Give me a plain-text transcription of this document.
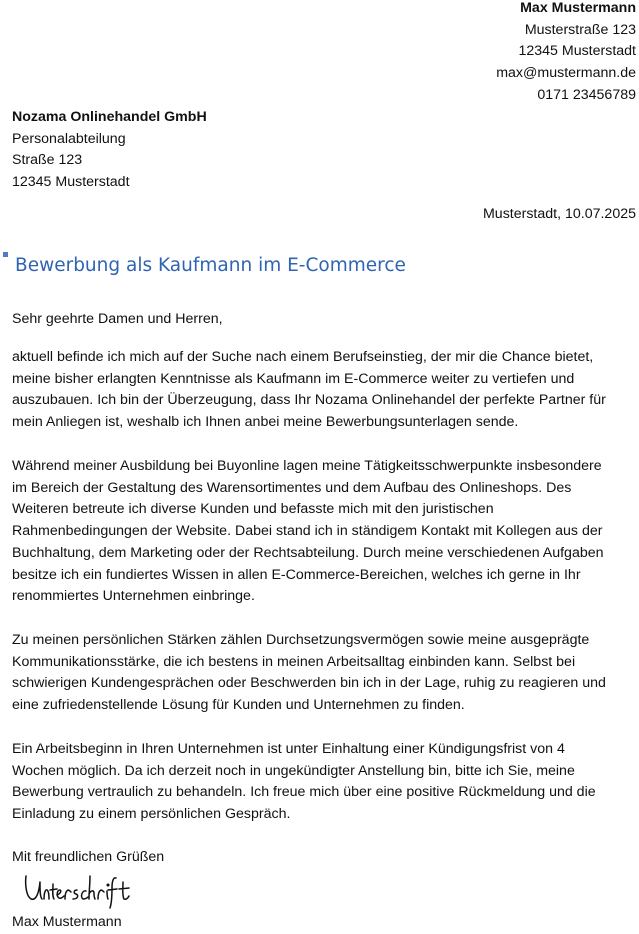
Max Mustermann
Musterstraße 123
12345 Musterstadt
max@mustermann.de
0171 23456789
Nozama Onlinehandel GmbH
Personalabteilung
Straße 123
12345 Musterstadt
Musterstadt, 10.07.2025
Bewerbung als Kaufmann im E-Commerce
Sehr geehrte Damen und Herren,

aktuell befinde ich mich auf der Suche nach einem Berufseinstieg, der mir die Chance bietet,
meine bisher erlangten Kenntnisse als Kaufmann im E-Commerce weiter zu vertiefen und
auszubauen. Ich bin der Überzeugung, dass Ihr Nozama Onlinehandel der perfekte Partner für
mein Anliegen ist, weshalb ich Ihnen anbei meine Bewerbungsunterlagen sende.

Während meiner Ausbildung bei Buyonline lagen meine Tätigkeitsschwerpunkte insbesondere
im Bereich der Gestaltung des Warensortimentes und dem Aufbau des Onlineshops. Des
Weiteren betreute ich diverse Kunden und befasste mich mit den juristischen
Rahmenbedingungen der Website. Dabei stand ich in ständigem Kontakt mit Kollegen aus der
Buchhaltung, dem Marketing oder der Rechtsabteilung. Durch meine verschiedenen Aufgaben
besitze ich ein fundiertes Wissen in allen E-Commerce-Bereichen, welches ich gerne in Ihr
renommiertes Unternehmen einbringe.

Zu meinen persönlichen Stärken zählen Durchsetzungsvermögen sowie meine ausgeprägte
Kommunikationsstärke, die ich bestens in meinen Arbeitsalltag einbinden kann. Selbst bei
schwierigen Kundengesprächen oder Beschwerden bin ich in der Lage, ruhig zu reagieren und
eine zufriedenstellende Lösung für Kunden und Unternehmen zu finden.

Ein Arbeitsbeginn in Ihren Unternehmen ist unter Einhaltung einer Kündigungsfrist von 4
Wochen möglich. Da ich derzeit noch in ungekündigter Anstellung bin, bitte ich Sie, meine
Bewerbung vertraulich zu behandeln. Ich freue mich über eine positive Rückmeldung und die
Einladung zu einem persönlichen Gespräch.

Mit freundlichen Grüßen
Max Mustermann
